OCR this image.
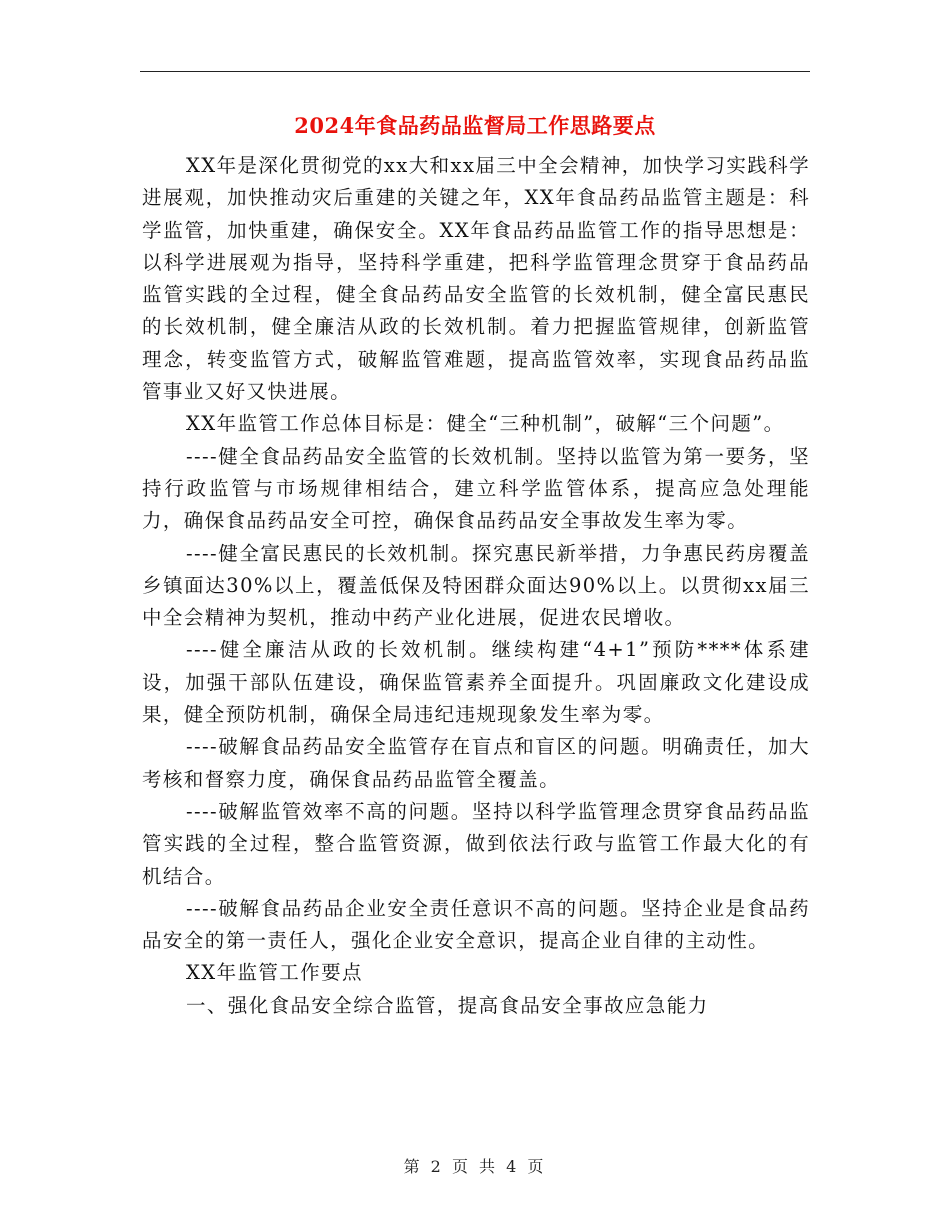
2024年食品药品监督局工作思路要点

XX年是深化贯彻党的xx大和xx届三中全会精神，加快学习实践科学进展观，加快推动灾后重建的关键之年，XX年食品药品监管主题是：科学监管，加快重建，确保安全。XX年食品药品监管工作的指导思想是：以科学进展观为指导，坚持科学重建，把科学监管理念贯穿于食品药品监管实践的全过程，健全食品药品安全监管的长效机制，健全富民惠民的长效机制，健全廉洁从政的长效机制。着力把握监管规律，创新监管理念，转变监管方式，破解监管难题，提高监管效率，实现食品药品监管事业又好又快进展。

XX年监管工作总体目标是：健全“三种机制”，破解“三个问题”。

----健全食品药品安全监管的长效机制。坚持以监管为第一要务，坚持行政监管与市场规律相结合，建立科学监管体系，提高应急处理能力，确保食品药品安全可控，确保食品药品安全事故发生率为零。

----健全富民惠民的长效机制。探究惠民新举措，力争惠民药房覆盖乡镇面达30%以上，覆盖低保及特困群众面达90%以上。以贯彻xx届三中全会精神为契机，推动中药产业化进展，促进农民增收。

----健全廉洁从政的长效机制。继续构建“4+1”预防****体系建设，加强干部队伍建设，确保监管素养全面提升。巩固廉政文化建设成果，健全预防机制，确保全局违纪违规现象发生率为零。

----破解食品药品安全监管存在盲点和盲区的问题。明确责任，加大考核和督察力度，确保食品药品监管全覆盖。

----破解监管效率不高的问题。坚持以科学监管理念贯穿食品药品监管实践的全过程，整合监管资源，做到依法行政与监管工作最大化的有机结合。

----破解食品药品企业安全责任意识不高的问题。坚持企业是食品药品安全的第一责任人，强化企业安全意识，提高企业自律的主动性。

XX年监管工作要点

一、强化食品安全综合监管，提高食品安全事故应急能力

第 2 页 共 4 页
